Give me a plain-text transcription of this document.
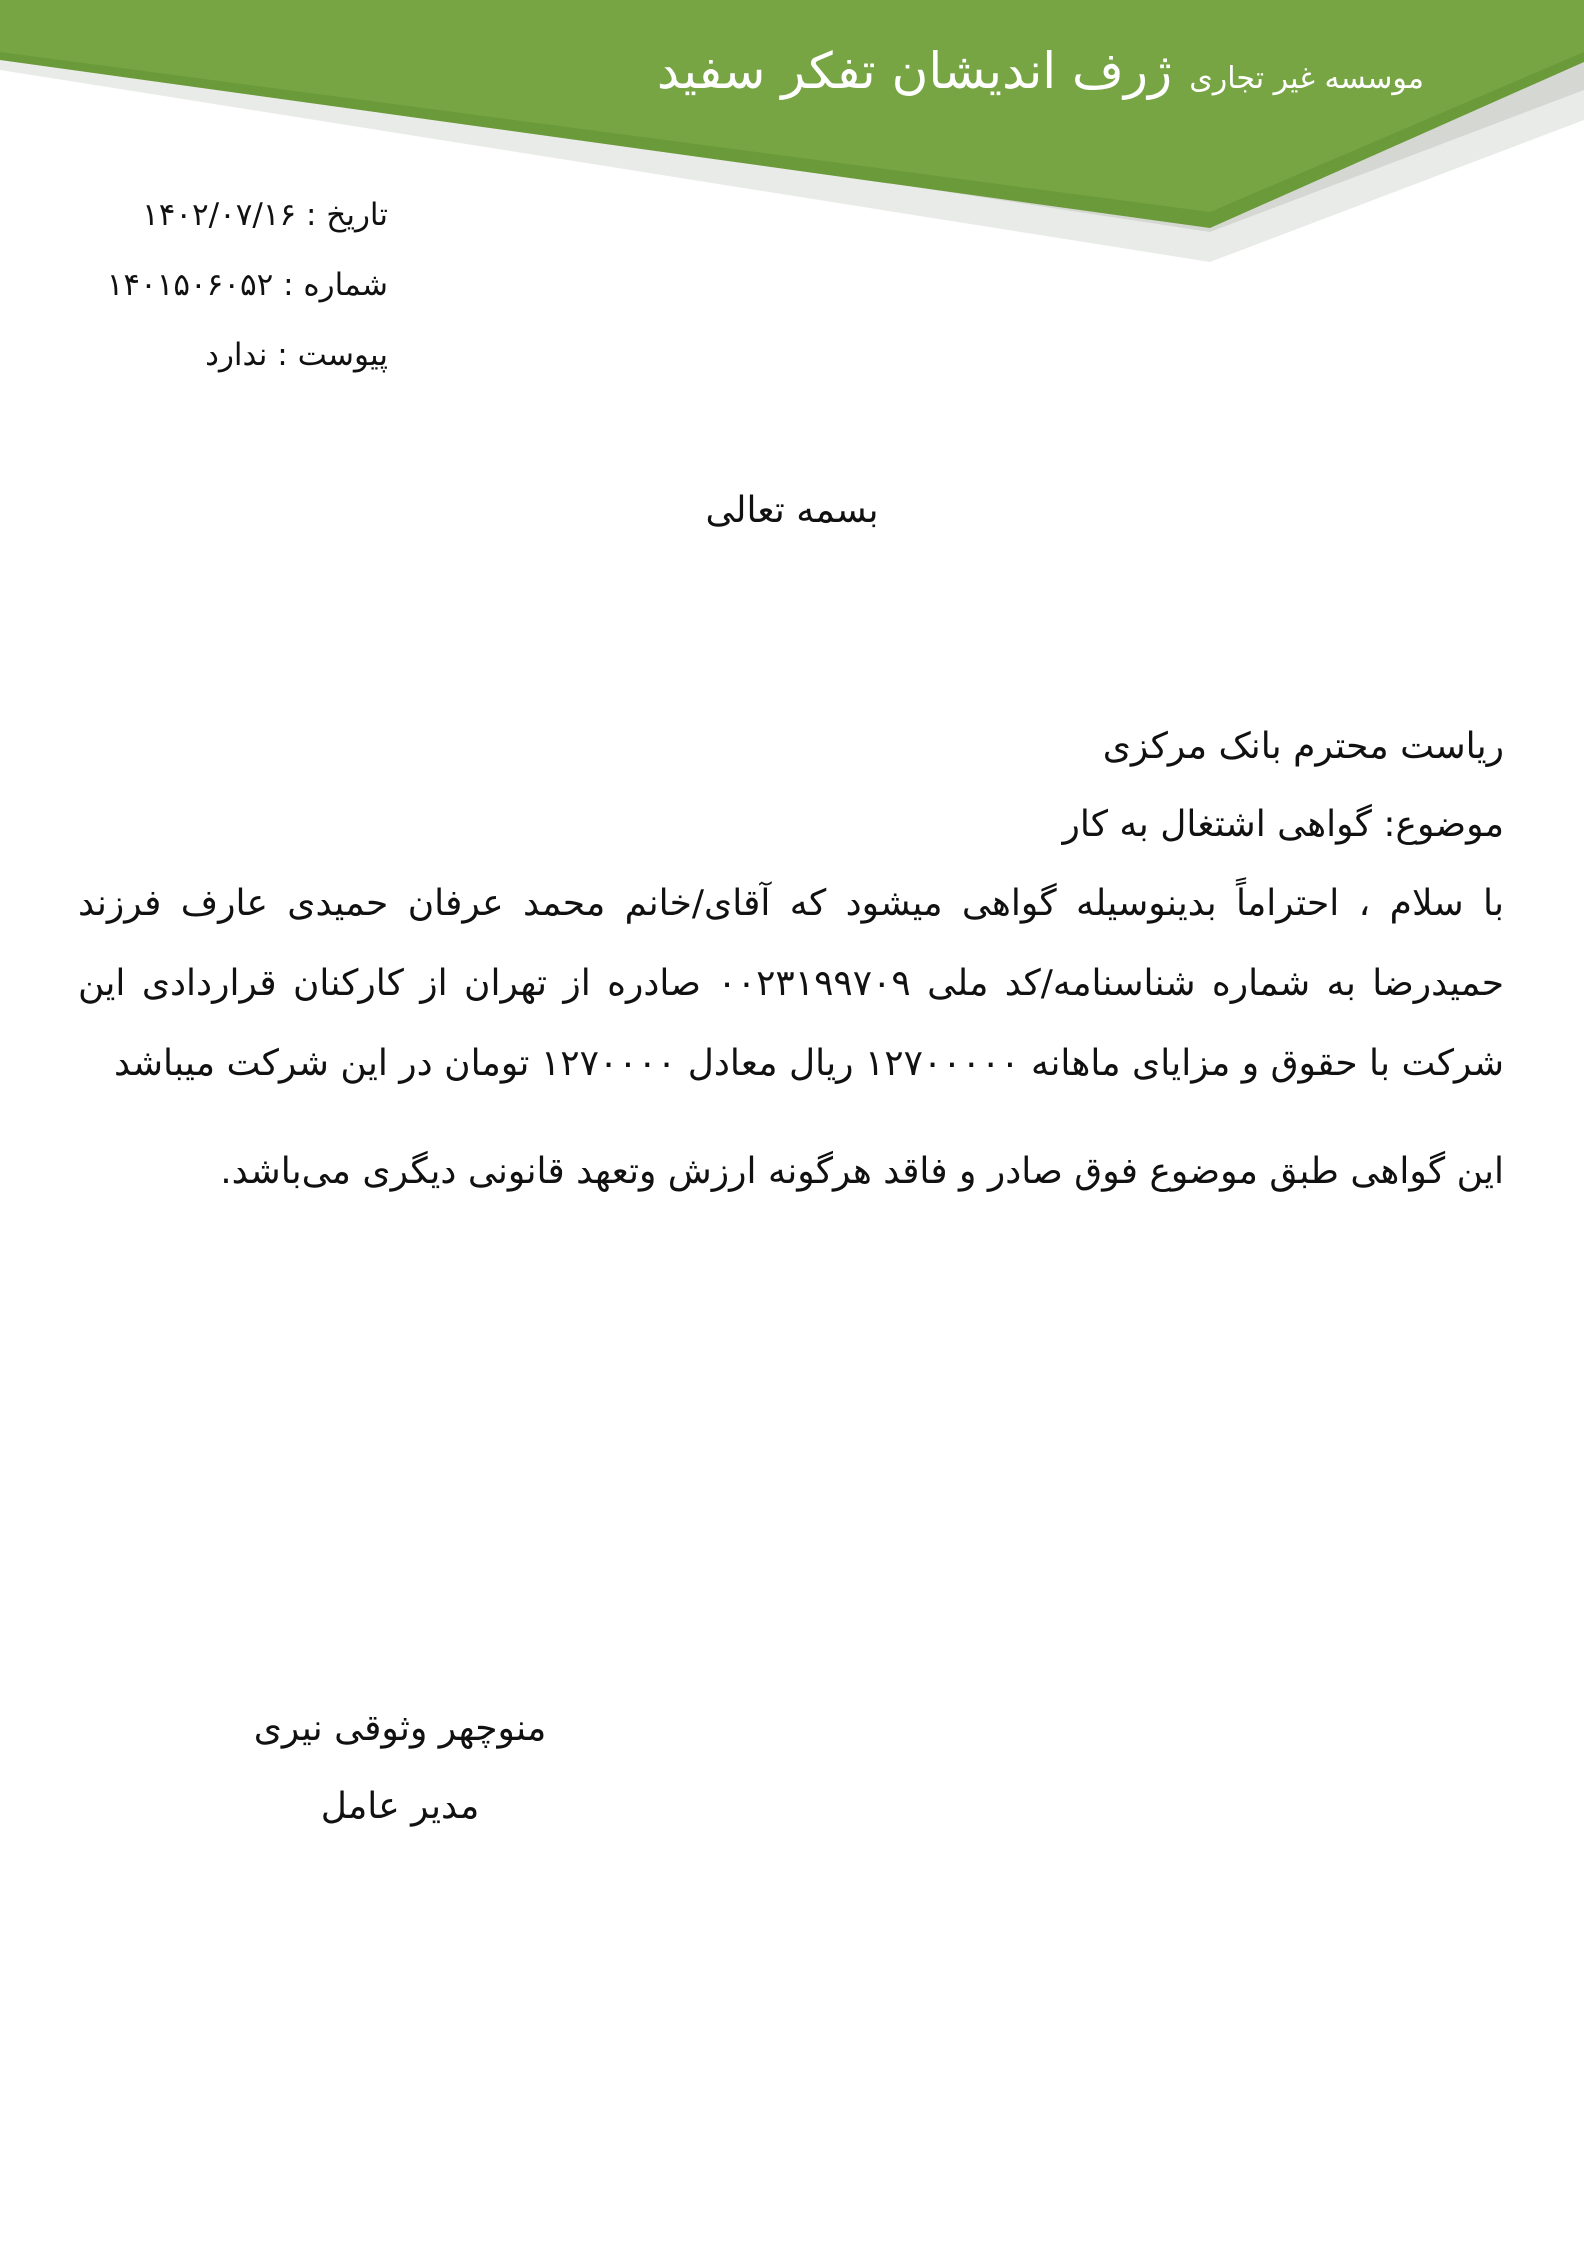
موسسه غیر تجاری ژرف اندیشان تفکر سفید
تاریخ : ۱۴۰۲/۰۷/۱۶
شماره : ۱۴۰۱۵۰۶۰۵۲
پیوست : ندارد
بسمه تعالی

ریاست محترم بانک مرکزی

موضوع: گواهی اشتغال به کار

با سلام ، احتراماً بدینوسیله گواهی میشود که آقای/خانم محمد عرفان حمیدی عارف فرزند حمیدرضا به شماره شناسنامه/کد ملی ۰۰۲۳۱۹۹۷۰۹ صادره از تهران از کارکنان قراردادی این شرکت با حقوق و مزایای ماهانه ۱۲۷۰۰۰۰۰ ریال معادل ۱۲۷۰۰۰۰ تومان در این شرکت میباشد

این گواهی طبق موضوع فوق صادر و فاقد هرگونه ارزش وتعهد قانونی دیگری می‌باشد.

منوچهر وثوقی نیری
مدیر عامل
